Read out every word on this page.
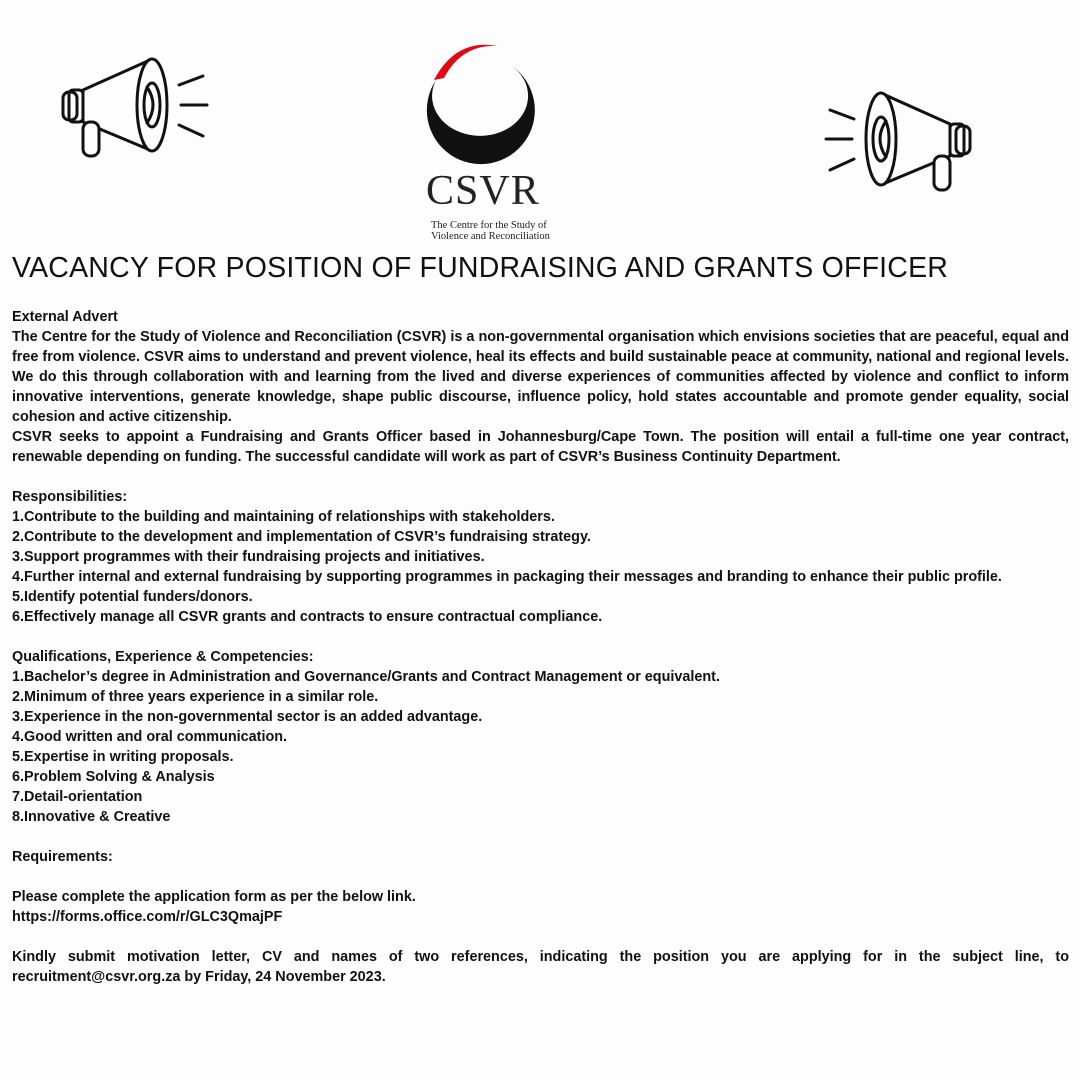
CSVR
The Centre for the Study of
Violence and Reconciliation
VACANCY FOR POSITION OF FUNDRAISING AND GRANTS OFFICER

External Advert

The Centre for the Study of Violence and Reconciliation (CSVR) is a non-governmental organisation which envisions societies that are peaceful, equal and free from violence. CSVR aims to understand and prevent violence, heal its effects and build sustainable peace at community, national and regional levels. We do this through collaboration with and learning from the lived and diverse experiences of communities affected by violence and conflict to inform innovative interventions, generate knowledge, shape public discourse, influence policy, hold states accountable and promote gender equality, social cohesion and active citizenship.

CSVR seeks to appoint a Fundraising and Grants Officer based in Johannesburg/Cape Town. The position will entail a full-time one year contract, renewable depending on funding. The successful candidate will work as part of CSVR’s Business Continuity Department.

Responsibilities:

1.Contribute to the building and maintaining of relationships with stakeholders.
2.Contribute to the development and implementation of CSVR’s fundraising strategy.
3.Support programmes with their fundraising projects and initiatives.
4.Further internal and external fundraising by supporting programmes in packaging their messages and branding to enhance their public profile.
5.Identify potential funders/donors.
6.Effectively manage all CSVR grants and contracts to ensure contractual compliance.

Qualifications, Experience & Competencies:

1.Bachelor’s degree in Administration and Governance/Grants and Contract Management or equivalent.
2.Minimum of three years experience in a similar role.
3.Experience in the non-governmental sector is an added advantage.
4.Good written and oral communication.
5.Expertise in writing proposals.
6.Problem Solving & Analysis
7.Detail-orientation
8.Innovative & Creative

Requirements:

Please complete the application form as per the below link.

https://forms.office.com/r/GLC3QmajPF

Kindly submit motivation letter, CV and names of two references, indicating the position you are applying for in the subject line, to recruitment@csvr.org.za by Friday, 24 November 2023.
